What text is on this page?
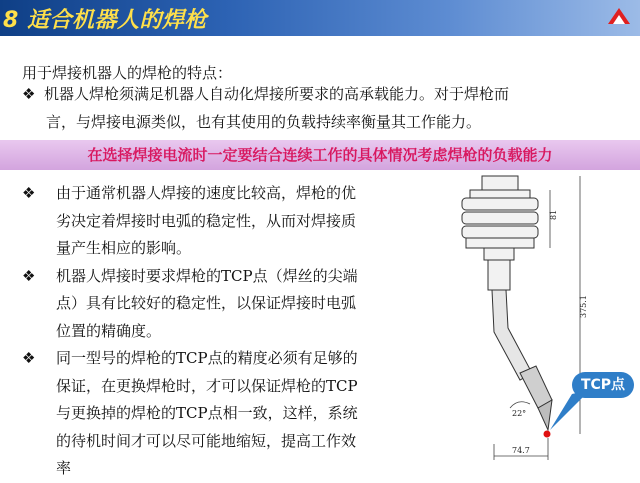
8 适合机器人的焊枪
用于焊接机器人的焊枪的特点：
❖ 机器人焊枪须满足机器人自动化焊接所要求的高承载能力。对于焊枪而
言，与焊接电源类似，也有其使用的负载持续率衡量其工作能力。
在选择焊接电流时一定要结合连续工作的具体情况考虑焊枪的负载能力
❖ 由于通常机器人焊接的速度比较高，焊枪的优
劣决定着焊接时电弧的稳定性，从而对焊接质
量产生相应的影响。
❖ 机器人焊接时要求焊枪的TCP点（焊丝的尖端
点）具有比较好的稳定性，以保证焊接时电弧
位置的精确度。
❖ 同一型号的焊枪的TCP点的精度必须有足够的
保证，在更换焊枪时，才可以保证焊枪的TCP
与更换掉的焊枪的TCP点相一致，这样，系统
的待机时间才可以尽可能地缩短，提高工作效
率
81
375.1
22°
74.7
TCP点
